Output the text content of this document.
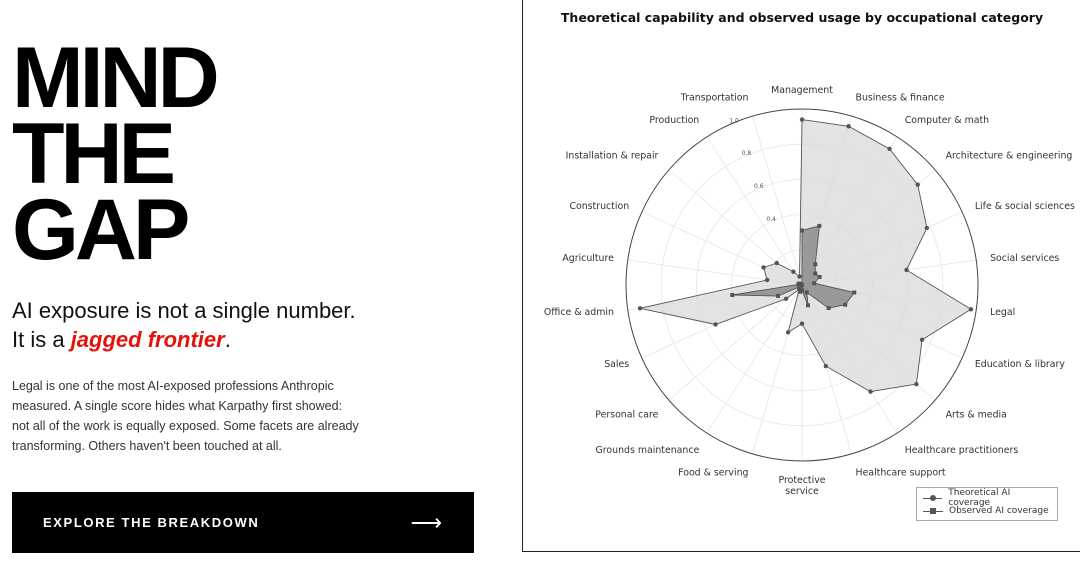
MIND
THE
GAP
AI exposure is not a single number.
It is a jagged frontier.

Legal is one of the most AI-exposed professions Anthropic measured. A single score hides what Karpathy first showed: not all of the work is equally exposed. Some facets are already transforming. Others haven't been touched at all.

EXPLORE THE BREAKDOWN	⟶
Theoretical capability and observed usage by occupational category
0.4
0.6
0.8
1.0
Management
Business & finance
Computer & math
Architecture & engineering
Life & social sciences
Social services
Legal
Education & library
Arts & media
Healthcare practitioners
Healthcare support
Protective service
Food & serving
Grounds maintenance
Personal care
Sales
Office & admin
Agriculture
Construction
Installation & repair
Production
Transportation
Theoretical AI coverage
Observed AI coverage
